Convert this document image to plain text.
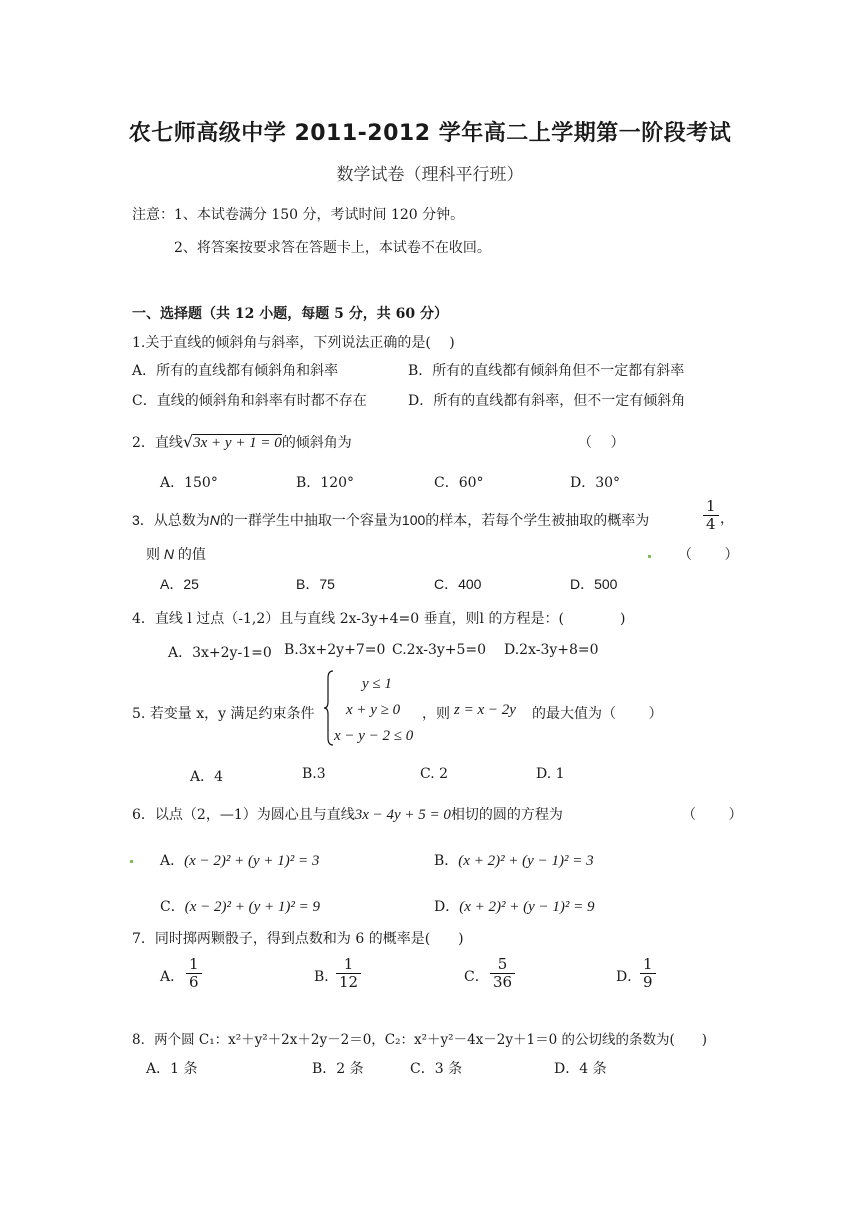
农七师高级中学 2011-2012 学年高二上学期第一阶段考试
数学试卷（理科平行班）
注意：1、本试卷满分 150 分，考试时间 120 分钟。
2、将答案按要求答在答题卡上，本试卷不在收回。
一、选择题（共 12 小题，每题 5 分，共 60 分）
1.关于直线的倾斜角与斜率，下列说法正确的是(　 )
A．所有的直线都有倾斜角和斜率	B．所有的直线都有倾斜角但不一定都有斜率
C．直线的倾斜角和斜率有时都不存在	D．所有的直线都有斜率，但不一定有倾斜角
2．直线√3x + y + 1 = 0的倾斜角为	（　 ）
A．150°	B．120°	C．60°	D．30°
3．从总数为N的一群学生中抽取一个容量为100的样本，若每个学生被抽取的概率为	$\frac{1}{4}$ ，
则 N 的值	（　　 ）
A．25	B．75	C．400	D．500
4．直线 l 过点（-1,2）且与直线 2x-3y+4=0 垂直，则l 的方程是：(　　　　)
A．3x+2y-1=0 B.3x+2y+7=0 C.2x-3y+5=0 D.2x-3y+8=0
5. 若变量 x，y 满足约束条件
y ≤ 1
x + y ≥ 0
x − y − 2 ≤ 0
，则 z = x − 2y 的最大值为（　　 ）
A．4	B.3	C. 2	D. 1
6．以点（2，—1）为圆心且与直线3x − 4y + 5 = 0相切的圆的方程为	（　　 ）
A．(x − 2)² + (y + 1)² = 3	B．(x + 2)² + (y − 1)² = 3
C．(x − 2)² + (y + 1)² = 9	D．(x + 2)² + (y − 1)² = 9
7．同时掷两颗骰子，得到点数和为 6 的概率是(　　)
A． $\frac{1}{6}$	B．
$\frac{1}{12}$	C． $\frac{5}{36}$	D．
$\frac{1}{9}$
8．两个圆 C₁：x²＋y²＋2x＋2y－2＝0，C₂：x²＋y²－4x－2y＋1＝0 的公切线的条数为(　　)
A．1 条	B．2 条	C．3 条	D．4 条
